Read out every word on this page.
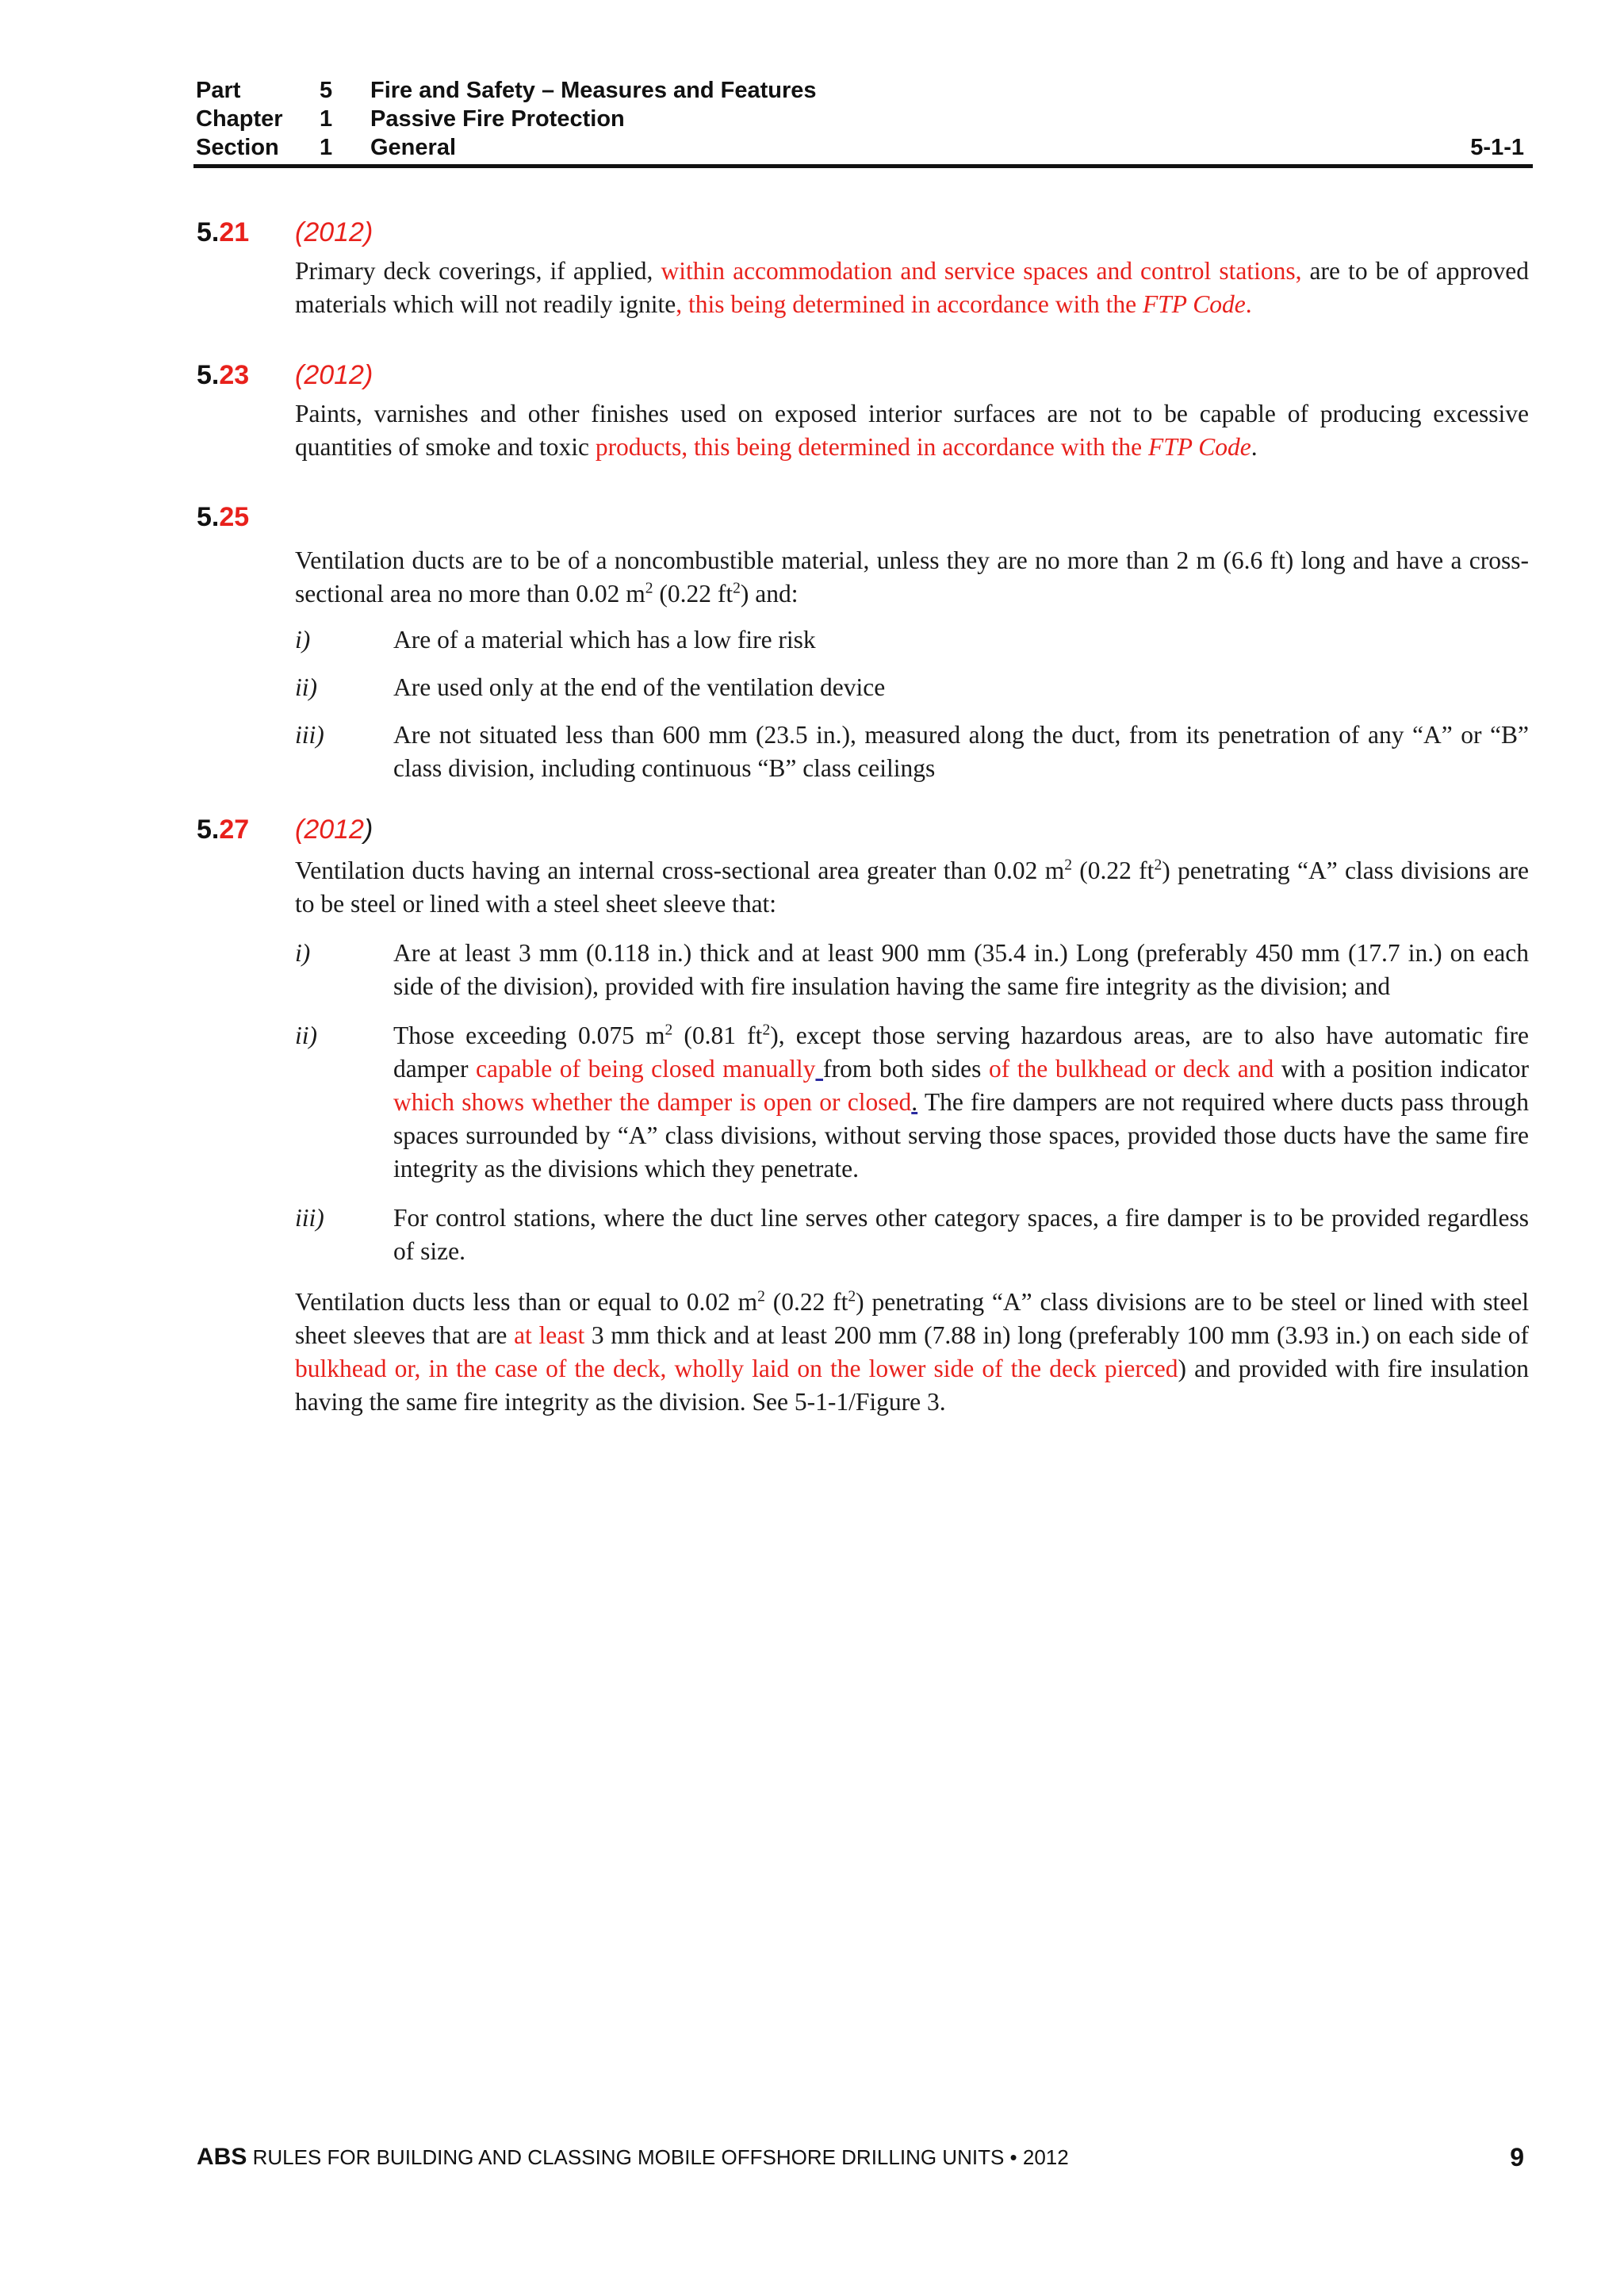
Part	5 Fire and Safety – Measures and Features
Chapter 1 Passive Fire Protection
Section 1 General	5-1-1
5.21 (2012)

Primary deck coverings, if applied, within accommodation and service spaces and control stations, are to be of approved materials which will not readily ignite, this being determined in accordance with the FTP Code.

5.23 (2012)

Paints, varnishes and other finishes used on exposed interior surfaces are not to be capable of producing excessive quantities of smoke and toxic products, this being determined in accordance with the FTP Code.

5.25

Ventilation ducts are to be of a noncombustible material, unless they are no more than 2 m (6.6 ft) long and have a cross-sectional area no more than 0.02 $m^2$ (0.22 $ft^2$) and:

i)	Are of a material which has a low fire risk
ii)	Are used only at the end of the ventilation device
iii)	Are not situated less than 600 mm (23.5 in.), measured along the duct, from its penetration of any “A” or “B” class division, including continuous “B” class ceilings
5.27 (2012)

Ventilation ducts having an internal cross-sectional area greater than 0.02 $m^2$ (0.22 $ft^2$) penetrating “A” class divisions are to be steel or lined with a steel sheet sleeve that:

i)	Are at least 3 mm (0.118 in.) thick and at least 900 mm (35.4 in.) Long (preferably 450 mm (17.7 in.) on each side of the division), provided with fire insulation having the same fire integrity as the division; and
ii)	Those exceeding 0.075 $m^2$ (0.81 $ft^2$), except those serving hazardous areas, are to also have automatic fire damper capable of being closed manually from both sides of the bulkhead or deck and with a position indicator which shows whether the damper is open or closed. The fire dampers are not required where ducts pass through spaces surrounded by “A” class divisions, without serving those spaces, provided those ducts have the same fire integrity as the divisions which they penetrate.
iii)	For control stations, where the duct line serves other category spaces, a fire damper is to be provided regardless of size.

Ventilation ducts less than or equal to 0.02 $m^2$ (0.22 $ft^2$) penetrating “A” class divisions are to be steel or lined with steel sheet sleeves that are at least 3 mm thick and at least 200 mm (7.88 in) long (preferably 100 mm (3.93 in.) on each side of bulkhead or, in the case of the deck, wholly laid on the lower side of the deck pierced) and provided with fire insulation having the same fire integrity as the division. See 5-1-1/Figure 3.

ABS RULES FOR BUILDING AND CLASSING MOBILE OFFSHORE DRILLING UNITS • 2012	9
